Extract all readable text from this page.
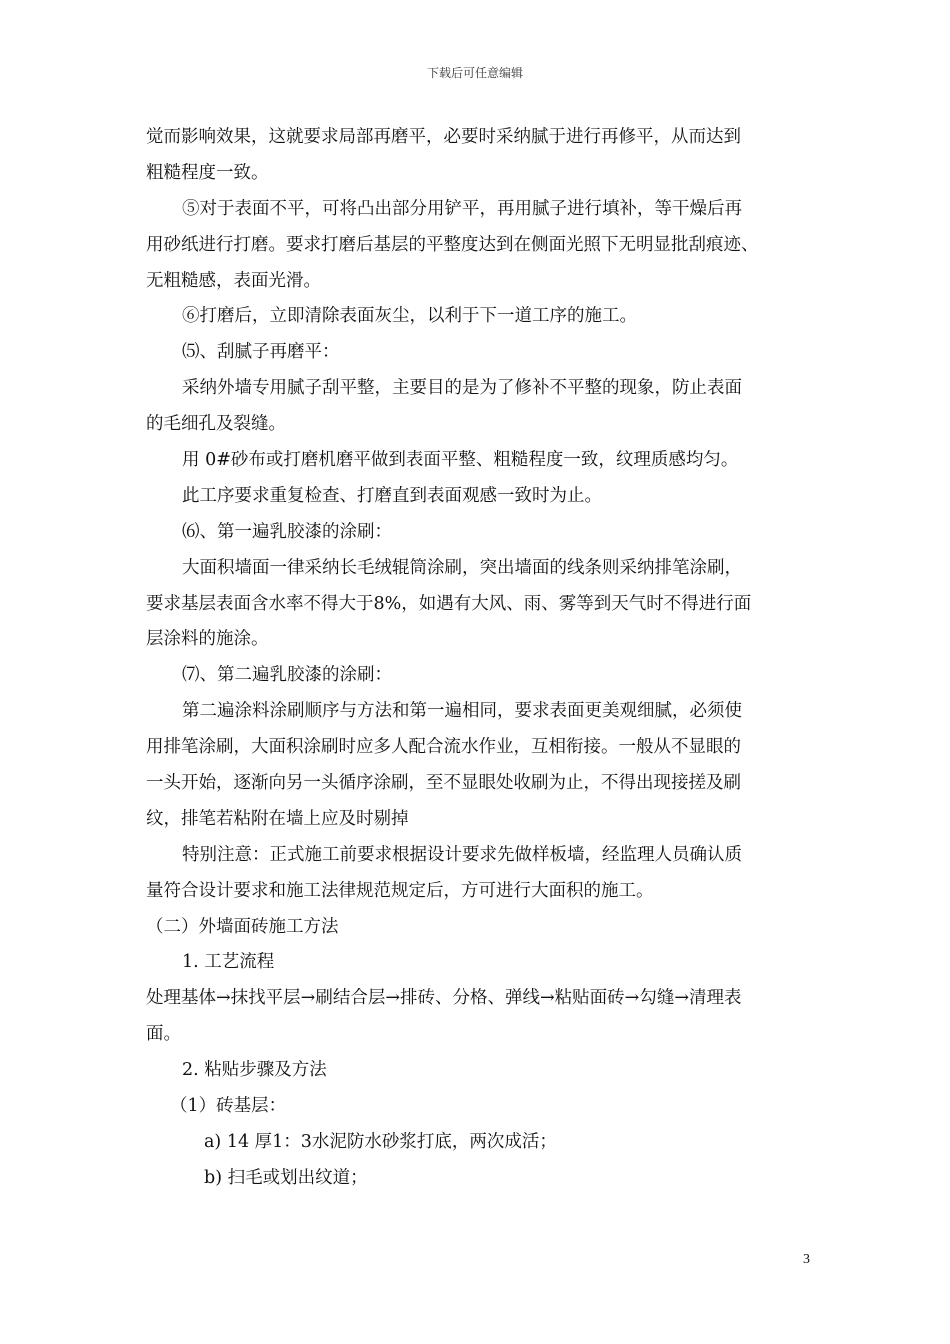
下载后可任意编辑
觉而影响效果，这就要求局部再磨平，必要时采纳腻于进行再修平，从而达到
粗糙程度一致。
⑤对于表面不平，可将凸出部分用铲平，再用腻子进行填补，等干燥后再
用砂纸进行打磨。要求打磨后基层的平整度达到在侧面光照下无明显批刮痕迹、
无粗糙感，表面光滑。
⑥打磨后，立即清除表面灰尘，以利于下一道工序的施工。
⑸、刮腻子再磨平：
采纳外墙专用腻子刮平整，主要目的是为了修补不平整的现象，防止表面
的毛细孔及裂缝。
用 0#砂布或打磨机磨平做到表面平整、粗糙程度一致，纹理质感均匀。
此工序要求重复检查、打磨直到表面观感一致时为止。
⑹、第一遍乳胶漆的涂刷：
大面积墙面一律采纳长毛绒辊筒涂刷，突出墙面的线条则采纳排笔涂刷，
要求基层表面含水率不得大于8%，如遇有大风、雨、雾等到天气时不得进行面
层涂料的施涂。
⑺、第二遍乳胶漆的涂刷：
第二遍涂料涂刷顺序与方法和第一遍相同，要求表面更美观细腻，必须使
用排笔涂刷，大面积涂刷时应多人配合流水作业，互相衔接。一般从不显眼的
一头开始，逐渐向另一头循序涂刷，至不显眼处收刷为止，不得出现接搓及刷
纹，排笔若粘附在墙上应及时剔掉
特别注意：正式施工前要求根据设计要求先做样板墙，经监理人员确认质
量符合设计要求和施工法律规范规定后，方可进行大面积的施工。
（二）外墙面砖施工方法
1. 工艺流程
处理基体→抹找平层→刷结合层→排砖、分格、弹线→粘贴面砖→勾缝→清理表
面。
2. 粘贴步骤及方法
（1）砖基层：
a) 14 厚1：3水泥防水砂浆打底，两次成活；
b) 扫毛或划出纹道；
3
